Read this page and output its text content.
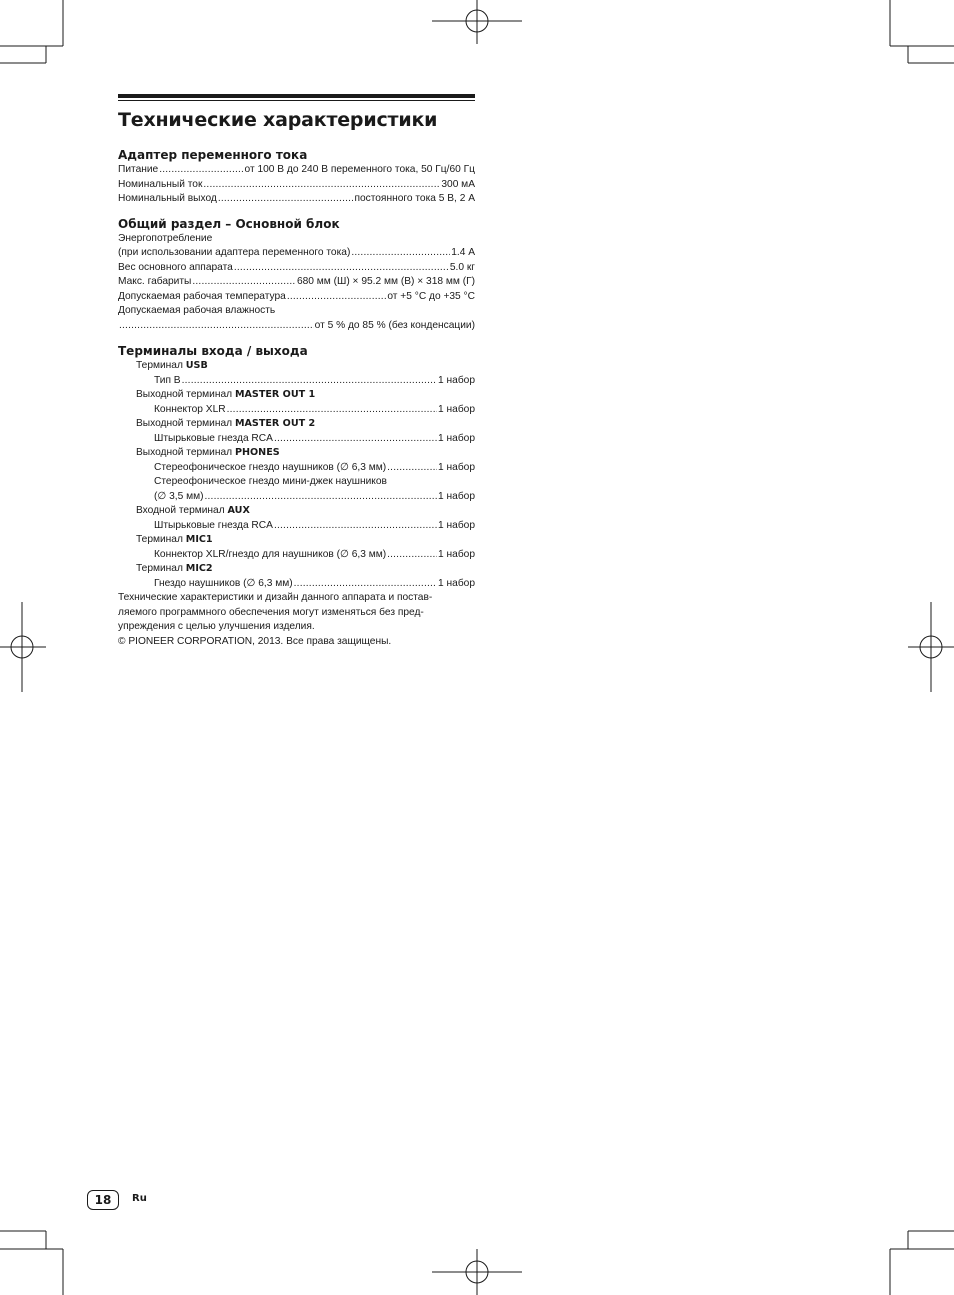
Технические характеристики
Адаптер переменного тока
Питание .....	от 100 В до 240 В переменного тока, 50 Гц/60 Гц
Номинальный ток .....	300 мА
Номинальный выход .....	постоянного тока 5 В, 2 А
Общий раздел – Основной блок
Энергопотребление
(при использовании адаптера переменного тока) .....	1.4 А
Вес основного аппарата .....	5.0 кг
Макс. габариты .....	680 мм (Ш) × 95.2 мм (В) × 318 мм (Г)
Допускаемая рабочая температура .....	от +5 °С до +35 °С
Допускаемая рабочая влажность
.....
от 5 % до 85 % (без конденсации)
Терминалы входа / выхода
Терминал USB
Тип B .....	1 набор
Выходной терминал MASTER OUT 1
Коннектор XLR .....	1 набор
Выходной терминал MASTER OUT 2
Штырьковые гнезда RCA .....	1 набор
Выходной терминал PHONES
Стереофоническое гнездо наушников (∅ 6,3 мм) .....	1 набор
Стереофоническое гнездо мини-джек наушников
(∅ 3,5 мм) .....	1 набор
Входной терминал AUX
Штырьковые гнезда RCA .....	1 набор
Терминал MIC1
Коннектор XLR/гнездо для наушников (∅ 6,3 мм) .....	1 набор
Терминал MIC2
Гнездо наушников (∅ 6,3 мм) .....	1 набор
Технические характеристики и дизайн данного аппарата и постав-
ляемого программного обеспечения могут изменяться без пред-
упреждения с целью улучшения изделия.
© PIONEER CORPORATION, 2013. Все права защищены.
18	Ru
